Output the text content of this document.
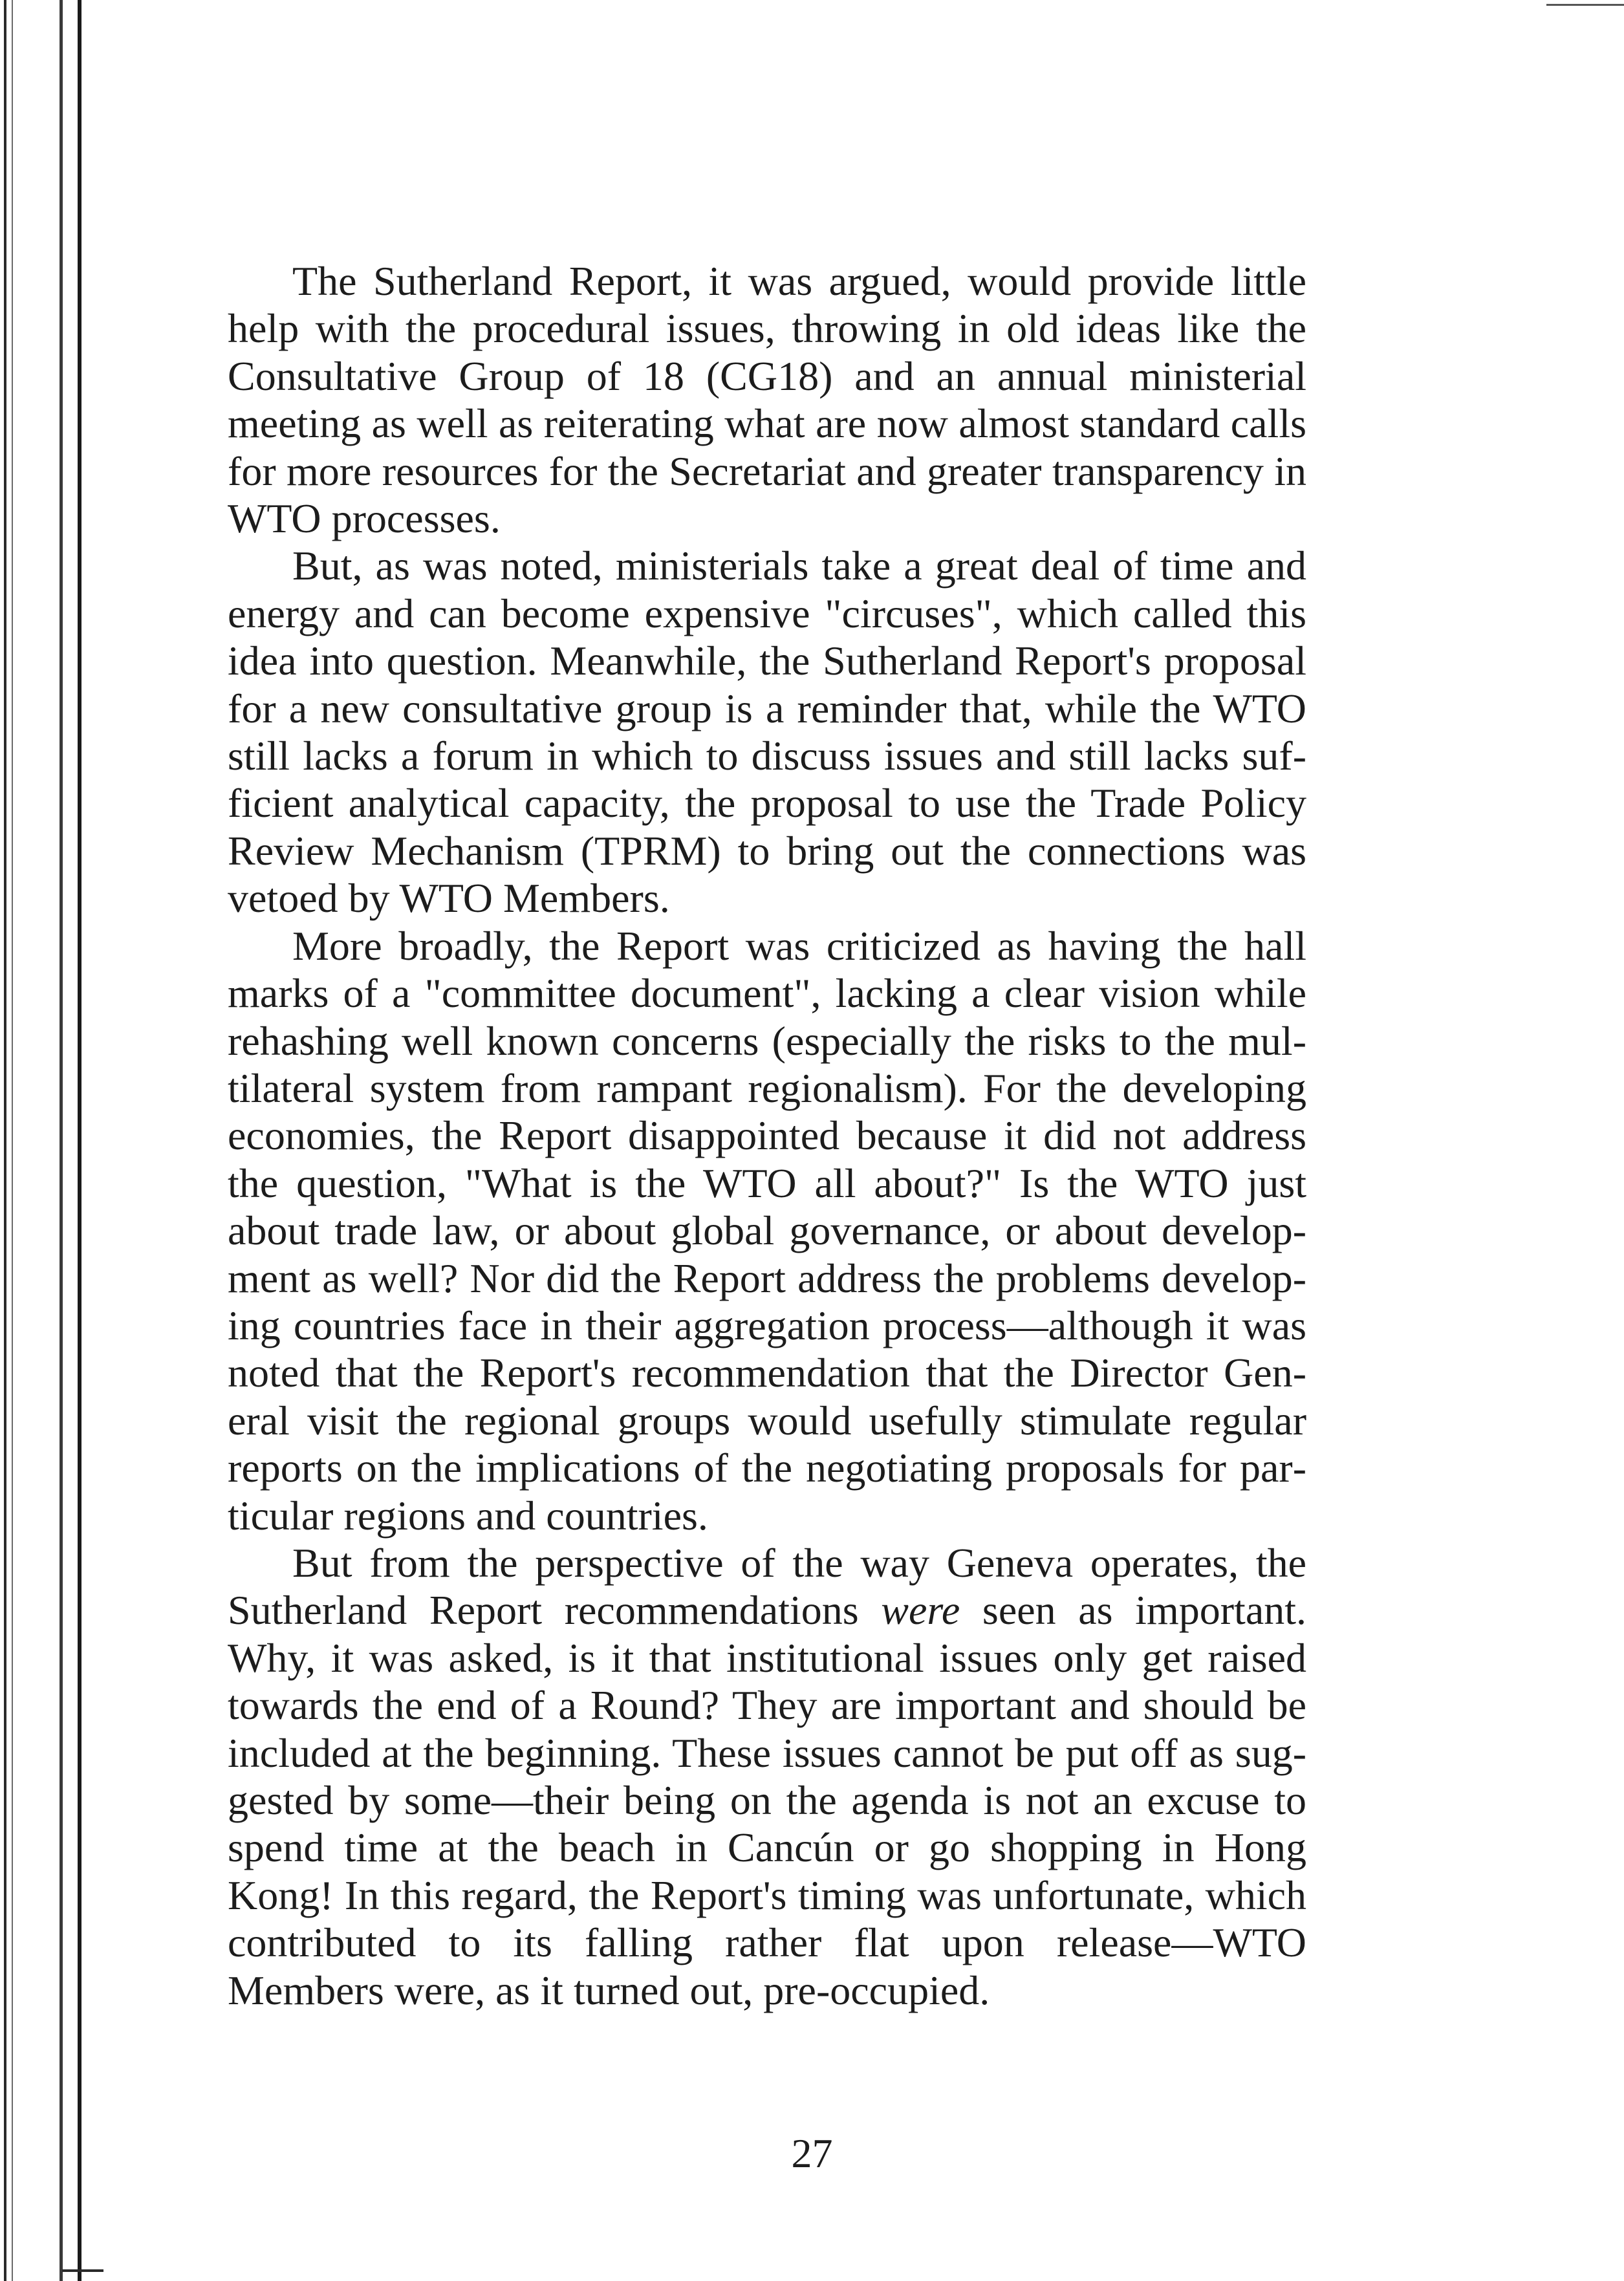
The Sutherland Report, it was argued, would provide little help with the procedural issues, throwing in old ideas like the Consultative Group of 18 (CG18) and an annual ministerial meeting as well as reiterating what are now almost standard calls for more resources for the Secretariat and greater transparency in WTO processes.

But, as was noted, ministerials take a great deal of time and energy and can become expensive "circuses", which called this idea into question. Meanwhile, the Sutherland Report's proposal for a new consultative group is a reminder that, while the WTO still lacks a forum in which to discuss issues and still lacks sufficient analytical capacity, the proposal to use the Trade Policy Review Mechanism (TPRM) to bring out the connections was vetoed by WTO Members.

More broadly, the Report was criticized as having the hall marks of a "committee document", lacking a clear vision while rehashing well known concerns (especially the risks to the multilateral system from rampant regionalism). For the developing economies, the Report disappointed because it did not address the question, "What is the WTO all about?" Is the WTO just about trade law, or about global governance, or about development as well? Nor did the Report address the problems developing countries face in their aggregation process—although it was noted that the Report's recommendation that the Director General visit the regional groups would usefully stimulate regular reports on the implications of the negotiating proposals for particular regions and countries.

But from the perspective of the way Geneva operates, the Sutherland Report recommendations were seen as important. Why, it was asked, is it that institutional issues only get raised towards the end of a Round? They are important and should be included at the beginning. These issues cannot be put off as suggested by some—their being on the agenda is not an excuse to spend time at the beach in Cancún or go shopping in Hong Kong! In this regard, the Report's timing was unfortunate, which contributed to its falling rather flat upon release—WTO Members were, as it turned out, pre-occupied.

27
